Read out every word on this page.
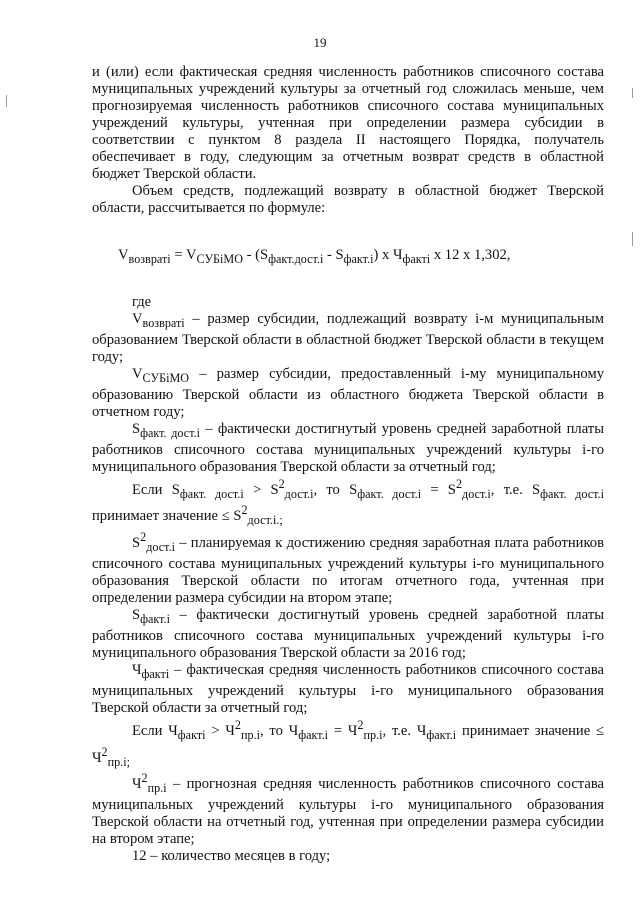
19

и (или) если фактическая средняя численность работников списочного состава муниципальных учреждений культуры за отчетный год сложилась меньше, чем прогнозируемая численность работников списочного состава муниципальных учреждений культуры, учтенная при определении размера субсидии в соответствии с пунктом 8 раздела II настоящего Порядка, получатель обеспечивает в году, следующим за отчетным возврат средств в областной бюджет Тверской области.

Объем средств, подлежащий возврату в областной бюджет Тверской области, рассчитывается по формуле:

$V_{возвратi} = V_{СУБiМО} - (S_{факт.дост.i} - S_{факт.i})$ х $Ч_{фактi}$ х 12 х 1,302,

где

$V_{возвратi}$ – размер субсидии, подлежащий возврату i-м муниципальным образованием Тверской области в областной бюджет Тверской области в текущем году;

$V_{СУБiМО}$ – размер субсидии, предоставленный i-му муниципальному образованию Тверской области из областного бюджета Тверской области в отчетном году;

$S_{факт. дост.i}$ – фактически достигнутый уровень средней заработной платы работников списочного состава муниципальных учреждений культуры i-го муниципального образования Тверской области за отчетный год;

Если $S_{факт. дост.i} > S^2_{дост.i}$, то $S_{факт. дост.i} = S^2_{дост.i}$, т.е. $S_{факт. дост.i}$ принимает значение ≤ $S^2_{дост.i.;}$

$S^2_{дост.i}$ – планируемая к достижению средняя заработная плата работников списочного состава муниципальных учреждений культуры i-го муниципального образования Тверской области по итогам отчетного года, учтенная при определении размера субсидии на втором этапе;

$S_{факт.i}$ – фактически достигнутый уровень средней заработной платы работников списочного состава муниципальных учреждений культуры i-го муниципального образования Тверской области за 2016 год;

$Ч_{фактi}$ – фактическая средняя численность работников списочного состава муниципальных учреждений культуры i-го муниципального образования Тверской области за отчетный год;

Если $Ч_{фактi} > Ч^2_{пр.i}$, то $Ч_{факт.i} = Ч^2_{пр.i}$, т.е. $Ч_{факт.i}$ принимает значение ≤ $Ч^2_{пр.i;}$

$Ч^2_{пр.i}$ – прогнозная средняя численность работников списочного состава муниципальных учреждений культуры i-го муниципального образования Тверской области на отчетный год, учтенная при определении размера субсидии на втором этапе;

12 – количество месяцев в году;
